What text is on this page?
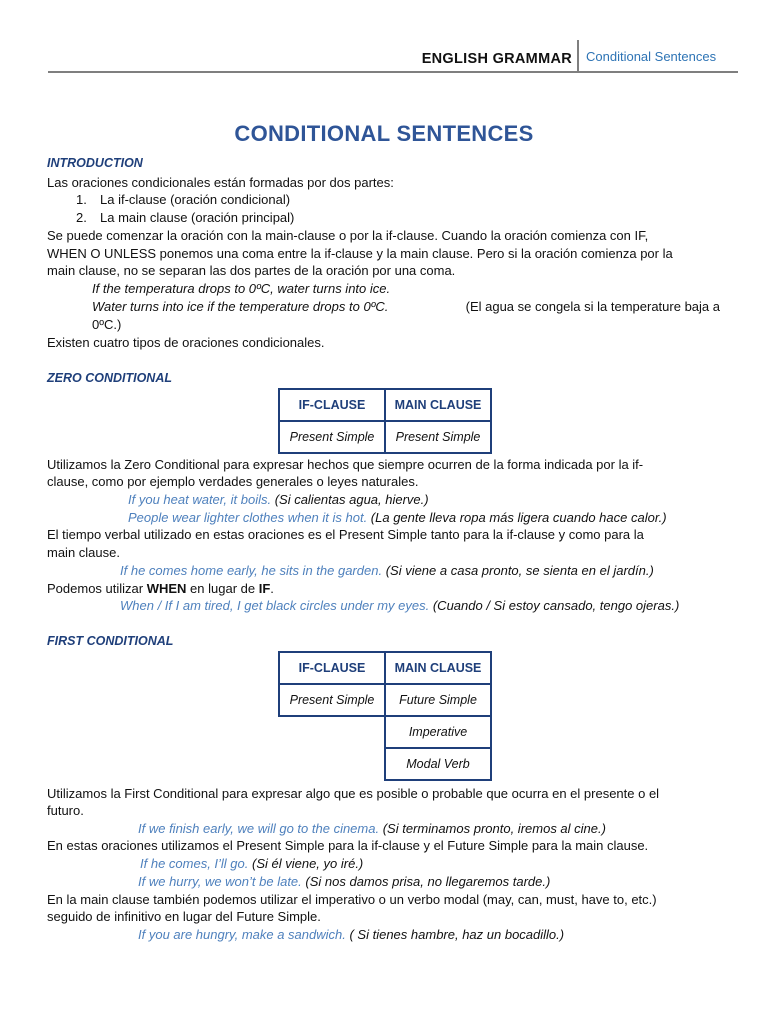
ENGLISH GRAMMAR Conditional Sentences
CONDITIONAL SENTENCES
INTRODUCTION
Las oraciones condicionales están formadas por dos partes:
1. La if-clause (oración condicional)
2. La main clause (oración principal)
Se puede comenzar la oración con la main-clause o por la if-clause. Cuando la oración comienza con IF,
WHEN O UNLESS ponemos una coma entre la if-clause y la main clause. Pero si la oración comienza por la
main clause, no se separan las dos partes de la oración por una coma.
If the temperatura drops to 0ºC, water turns into ice.
Water turns into ice if the temperature drops to 0ºC.	(El agua se congela si la temperature baja a
0ºC.)
Existen cuatro tipos de oraciones condicionales.
ZERO CONDITIONAL
IF-CLAUSE	MAIN CLAUSE
Present Simple	Present Simple
Utilizamos la Zero Conditional para expresar hechos que siempre ocurren de la forma indicada por la if-
clause, como por ejemplo verdades generales o leyes naturales.
If you heat water, it boils. (Si calientas agua, hierve.)
People wear lighter clothes when it is hot. (La gente lleva ropa más ligera cuando hace calor.)
El tiempo verbal utilizado en estas oraciones es el Present Simple tanto para la if-clause y como para la
main clause.
If he comes home early, he sits in the garden. (Si viene a casa pronto, se sienta en el jardín.)
Podemos utilizar WHEN en lugar de IF.
When / If I am tired, I get black circles under my eyes. (Cuando / Si estoy cansado, tengo ojeras.)
FIRST CONDITIONAL
IF-CLAUSE	MAIN CLAUSE
Present Simple	Future Simple
	Imperative
	Modal Verb
Utilizamos la First Conditional para expresar algo que es posible o probable que ocurra en el presente o el
futuro.
If we finish early, we will go to the cinema. (Si terminamos pronto, iremos al cine.)
En estas oraciones utilizamos el Present Simple para la if-clause y el Future Simple para la main clause.
If he comes, I’ll go. (Si él viene, yo iré.)
If we hurry, we won’t be late. (Si nos damos prisa, no llegaremos tarde.)
En la main clause también podemos utilizar el imperativo o un verbo modal (may, can, must, have to, etc.)
seguido de infinitivo en lugar del Future Simple.
If you are hungry, make a sandwich. ( Si tienes hambre, haz un bocadillo.)
